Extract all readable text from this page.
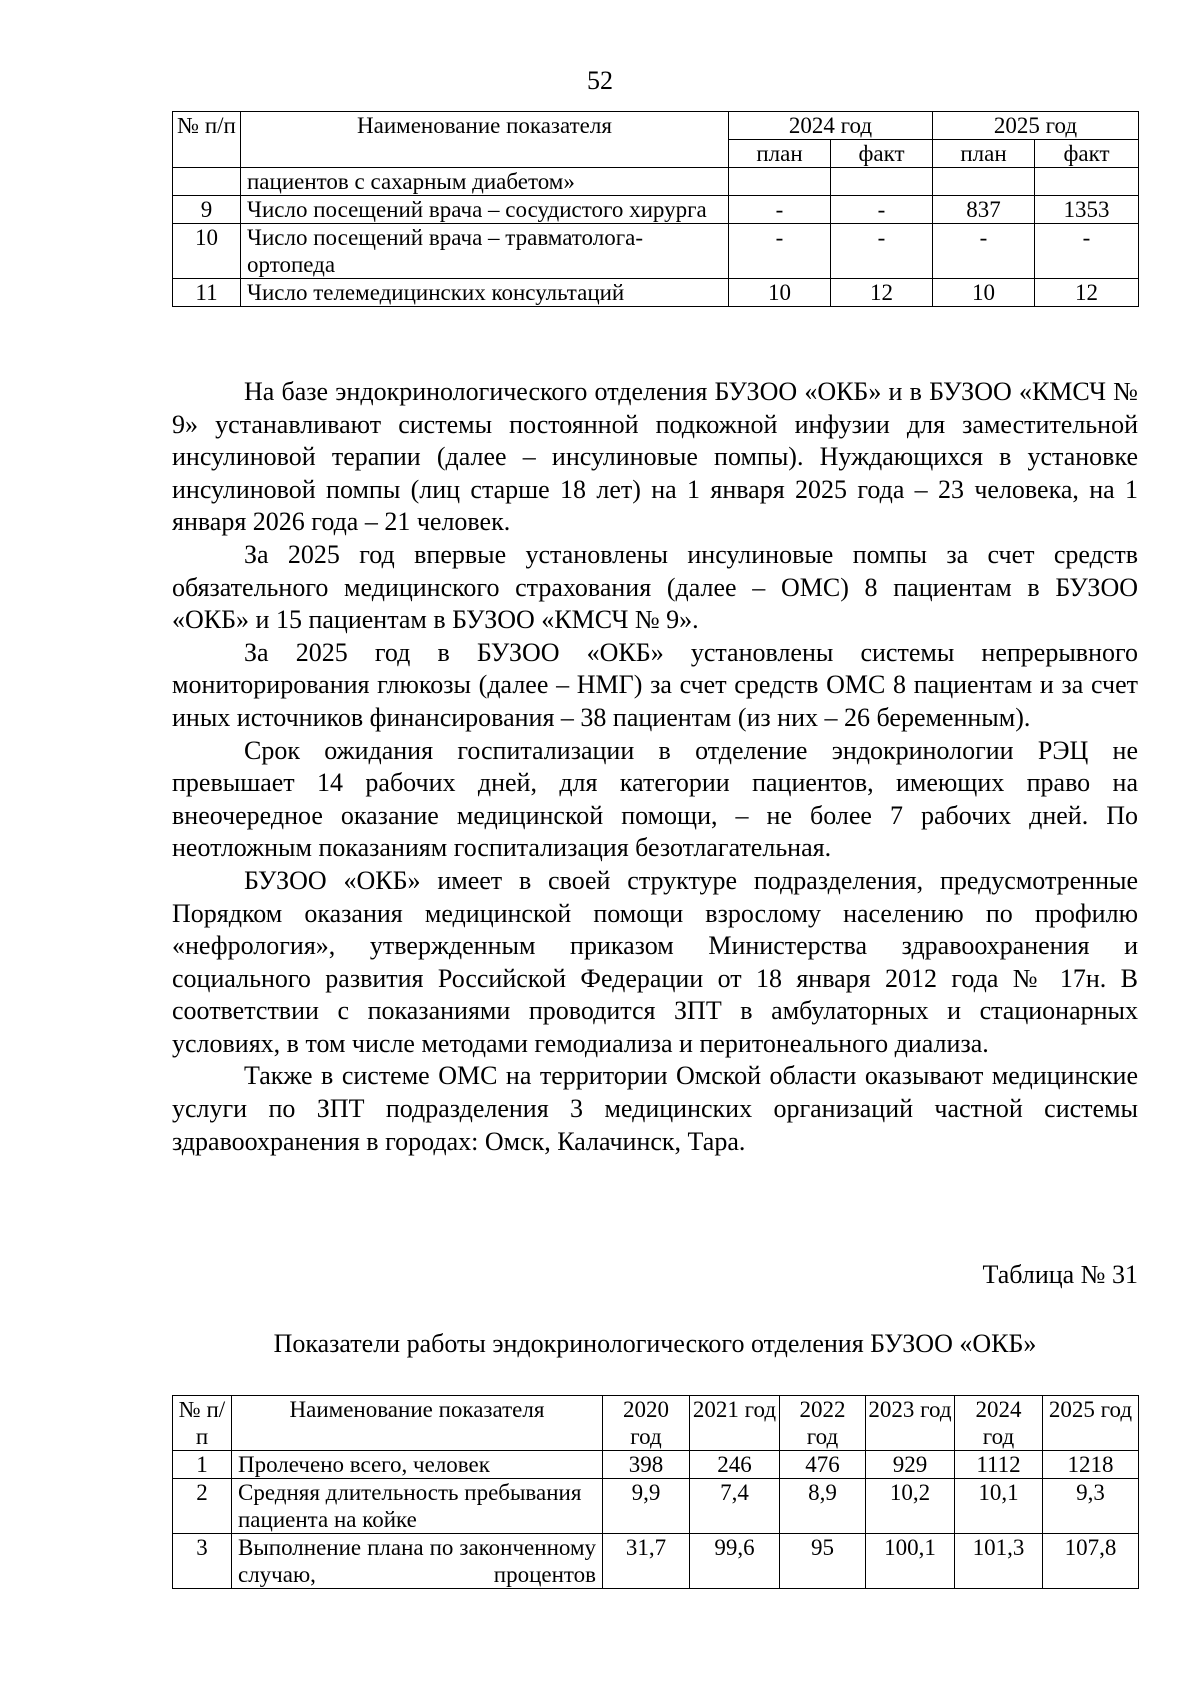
52
№ п/п	Наименование показателя	2024 год		2025 год	
		план	факт	план	факт
	пациентов с сахарным диабетом»				
9	Число посещений врача – сосудистого хирурга	-	-	837	1353
10	Число посещений врача – травматолога-ортопеда	-	-	-	-
11	Число телемедицинских консультаций	10	12	10	12

На базе эндокринологического отделения БУЗОО «ОКБ» и в БУЗОО «КМСЧ № 9» устанавливают системы постоянной подкожной инфузии для заместительной инсулиновой терапии (далее – инсулиновые помпы). Нуждающихся в установке инсулиновой помпы (лиц старше 18 лет) на 1 января 2025 года – 23 человека, на 1 января 2026 года – 21 человек.

За 2025 год впервые установлены инсулиновые помпы за счет средств обязательного медицинского страхования (далее – ОМС) 8 пациентам в БУЗОО «ОКБ» и 15 пациентам в БУЗОО «КМСЧ № 9».

За 2025 год в БУЗОО «ОКБ» установлены системы непрерывного мониторирования глюкозы (далее – НМГ) за счет средств ОМС 8 пациентам и за счет иных источников финансирования – 38 пациентам (из них – 26 беременным).

Срок ожидания госпитализации в отделение эндокринологии РЭЦ не превышает 14 рабочих дней, для категории пациентов, имеющих право на внеочередное оказание медицинской помощи, – не более 7 рабочих дней. По неотложным показаниям госпитализация безотлагательная.

БУЗОО «ОКБ» имеет в своей структуре подразделения, предусмотренные Порядком оказания медицинской помощи взрослому населению по профилю «нефрология», утвержденным приказом Министерства здравоохранения и социального развития Российской Федерации от 18 января 2012 года № 17н. В соответствии с показаниями проводится ЗПТ в амбулаторных и стационарных условиях, в том числе методами гемодиализа и перитонеального диализа.

Также в системе ОМС на территории Омской области оказывают медицинские услуги по ЗПТ подразделения 3 медицинских организаций частной системы здравоохранения в городах: Омск, Калачинск, Тара.

Таблица № 31
Показатели работы эндокринологического отделения БУЗОО «ОКБ»
№ п/п	Наименование показателя	2020 год	2021 год	2022 год	2023 год	2024 год	2025 год
1	Пролечено всего, человек	398	246	476	929	1112	1218
2	Средняя длительность пребывания пациента на койке	9,9	7,4	8,9	10,2	10,1	9,3
3	Выполнение плана по законченному случаю, процентов	31,7	99,6	95	100,1	101,3	107,8
